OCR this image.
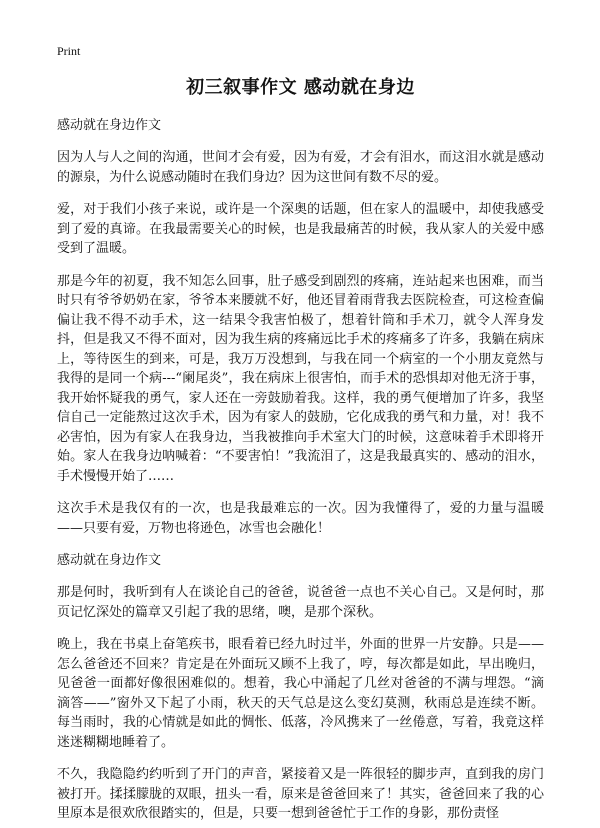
Print
初三叙事作文 感动就在身边
感动就在身边作文

因为人与人之间的沟通，世间才会有爱，因为有爱，才会有泪水，而这泪水就是感动的源泉，为什么说感动随时在我们身边？因为这世间有数不尽的爱。

爱，对于我们小孩子来说，或许是一个深奥的话题，但在家人的温暖中，却使我感受到了爱的真谛。在我最需要关心的时候，也是我最痛苦的时候，我从家人的关爱中感受到了温暖。

那是今年的初夏，我不知怎么回事，肚子感受到剧烈的疼痛，连站起来也困难，而当时只有爷爷奶奶在家，爷爷本来腰就不好，他还冒着雨背我去医院检查，可这检查偏偏让我不得不动手术，这一结果令我害怕极了，想着针筒和手术刀，就令人浑身发抖，但是我又不得不面对，因为我生病的疼痛远比手术的疼痛多了许多，我躺在病床上，等待医生的到来，可是，我万万没想到，与我在同一个病室的一个小朋友竟然与我得的是同一个病---“阑尾炎”，我在病床上很害怕，而手术的恐惧却对他无济于事，我开始怀疑我的勇气，家人还在一旁鼓励着我。这样，我的勇气便增加了许多，我坚信自己一定能熬过这次手术，因为有家人的鼓励，它化成我的勇气和力量，对！我不必害怕，因为有家人在我身边，当我被推向手术室大门的时候，这意味着手术即将开始。家人在我身边呐喊着：“不要害怕！”我流泪了，这是我最真实的、感动的泪水，手术慢慢开始了……

这次手术是我仅有的一次，也是我最难忘的一次。因为我懂得了，爱的力量与温暖——只要有爱，万物也将逊色，冰雪也会融化！

感动就在身边作文

那是何时，我听到有人在谈论自己的爸爸，说爸爸一点也不关心自己。又是何时，那页记忆深处的篇章又引起了我的思绪，噢，是那个深秋。

晚上，我在书桌上奋笔疾书，眼看着已经九时过半，外面的世界一片安静。只是——怎么爸爸还不回来？肯定是在外面玩又顾不上我了，哼，每次都是如此，早出晚归，见爸爸一面都好像很困难似的。想着，我心中涌起了几丝对爸爸的不满与埋怨。“滴滴答——”窗外又下起了小雨，秋天的天气总是这么变幻莫测，秋雨总是连续不断。每当雨时，我的心情就是如此的惆怅、低落，冷风携来了一丝倦意，写着，我竟这样迷迷糊糊地睡着了。

不久，我隐隐约约听到了开门的声音，紧接着又是一阵很轻的脚步声，直到我的房门被打开。揉揉朦胧的双眼，扭头一看，原来是爸爸回来了！其实，爸爸回来了我的心里原本是很欢欣很踏实的，但是，只要一想到爸爸忙于工作的身影，那份责怪
